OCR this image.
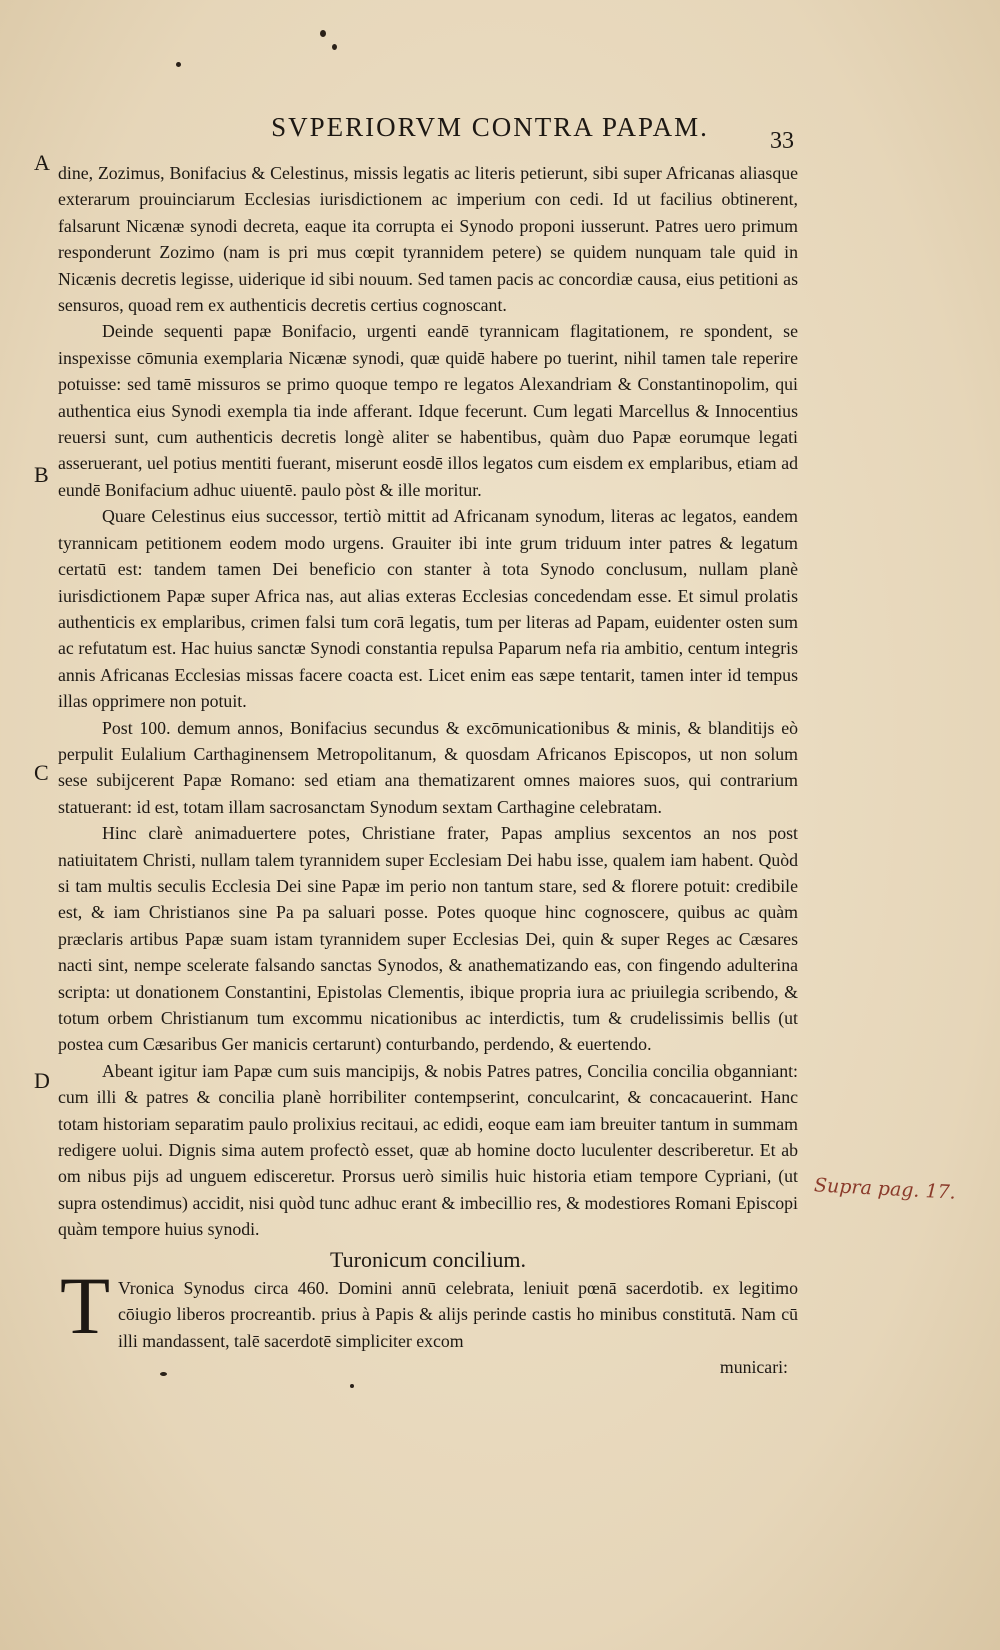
SVPERIORVM CONTRA PAPAM.	33
A
B
C
D
Supra pag. 17.

dine, Zozimus, Bonifacius & Celestinus, missis legatis ac literis petierunt, sibi super Africanas aliasque exterarum prouinciarum Ecclesias iurisdictionem ac imperium con cedi. Id ut facilius obtinerent, falsarunt Nicænæ synodi decreta, eaque ita corrupta ei Synodo proponi iusserunt. Patres uero primum responderunt Zozimo (nam is pri mus cœpit tyrannidem petere) se quidem nunquam tale quid in Nicænis decretis legisse, uiderique id sibi nouum. Sed tamen pacis ac concordiæ causa, eius petitioni as sensuros, quoad rem ex authenticis decretis certius cognoscant.

Deinde sequenti papæ Bonifacio, urgenti eandē tyrannicam flagitationem, re spondent, se inspexisse cōmunia exemplaria Nicænæ synodi, quæ quidē habere po tuerint, nihil tamen tale reperire potuisse: sed tamē missuros se primo quoque tempo re legatos Alexandriam & Constantinopolim, qui authentica eius Synodi exempla tia inde afferant. Idque fecerunt. Cum legati Marcellus & Innocentius reuersi sunt, cum authenticis decretis longè aliter se habentibus, quàm duo Papæ eorumque legati asseruerant, uel potius mentiti fuerant, miserunt eosdē illos legatos cum eisdem ex emplaribus, etiam ad eundē Bonifacium adhuc uiuentē. paulo pòst & ille moritur.

Quare Celestinus eius successor, tertiò mittit ad Africanam synodum, literas ac legatos, eandem tyrannicam petitionem eodem modo urgens. Grauiter ibi inte grum triduum inter patres & legatum certatū est: tandem tamen Dei beneficio con stanter à tota Synodo conclusum, nullam planè iurisdictionem Papæ super Africa nas, aut alias exteras Ecclesias concedendam esse. Et simul prolatis authenticis ex emplaribus, crimen falsi tum corā legatis, tum per literas ad Papam, euidenter osten sum ac refutatum est. Hac huius sanctæ Synodi constantia repulsa Paparum nefa ria ambitio, centum integris annis Africanas Ecclesias missas facere coacta est. Licet enim eas sæpe tentarit, tamen inter id tempus illas opprimere non potuit.

Post 100. demum annos, Bonifacius secundus & excōmunicationibus & minis, & blanditijs eò perpulit Eulalium Carthaginensem Metropolitanum, & quosdam Africanos Episcopos, ut non solum sese subijcerent Papæ Romano: sed etiam ana thematizarent omnes maiores suos, qui contrarium statuerant: id est, totam illam sacrosanctam Synodum sextam Carthagine celebratam.

Hinc clarè animaduertere potes, Christiane frater, Papas amplius sexcentos an nos post natiuitatem Christi, nullam talem tyrannidem super Ecclesiam Dei habu isse, qualem iam habent. Quòd si tam multis seculis Ecclesia Dei sine Papæ im perio non tantum stare, sed & florere potuit: credibile est, & iam Christianos sine Pa pa saluari posse. Potes quoque hinc cognoscere, quibus ac quàm præclaris artibus Papæ suam istam tyrannidem super Ecclesias Dei, quin & super Reges ac Cæsares nacti sint, nempe scelerate falsando sanctas Synodos, & anathematizando eas, con fingendo adulterina scripta: ut donationem Constantini, Epistolas Clementis, ibique propria iura ac priuilegia scribendo, & totum orbem Christianum tum excommu nicationibus ac interdictis, tum & crudelissimis bellis (ut postea cum Cæsaribus Ger manicis certarunt) conturbando, perdendo, & euertendo.

Abeant igitur iam Papæ cum suis mancipijs, & nobis Patres patres, Concilia concilia obganniant: cum illi & patres & concilia planè horribiliter contempserint, conculcarint, & concacauerint. Hanc totam historiam separatim paulo prolixius recitaui, ac edidi, eoque eam iam breuiter tantum in summam redigere uolui. Dignis sima autem profectò esset, quæ ab homine docto luculenter describeretur. Et ab om nibus pijs ad unguem edisceretur. Prorsus uerò similis huic historia etiam tempore Cypriani, (ut supra ostendimus) accidit, nisi quòd tunc adhuc erant & imbecillio res, & modestiores Romani Episcopi quàm tempore huius synodi.

Turonicum concilium.

T Vronica Synodus circa 460. Domini annū celebrata, leniuit pœnā sacerdotib. ex legitimo cōiugio liberos procreantib. prius à Papis & alijs perinde castis ho minibus constitutā. Nam cū illi mandassent, talē sacerdotē simpliciter excom

municari:
